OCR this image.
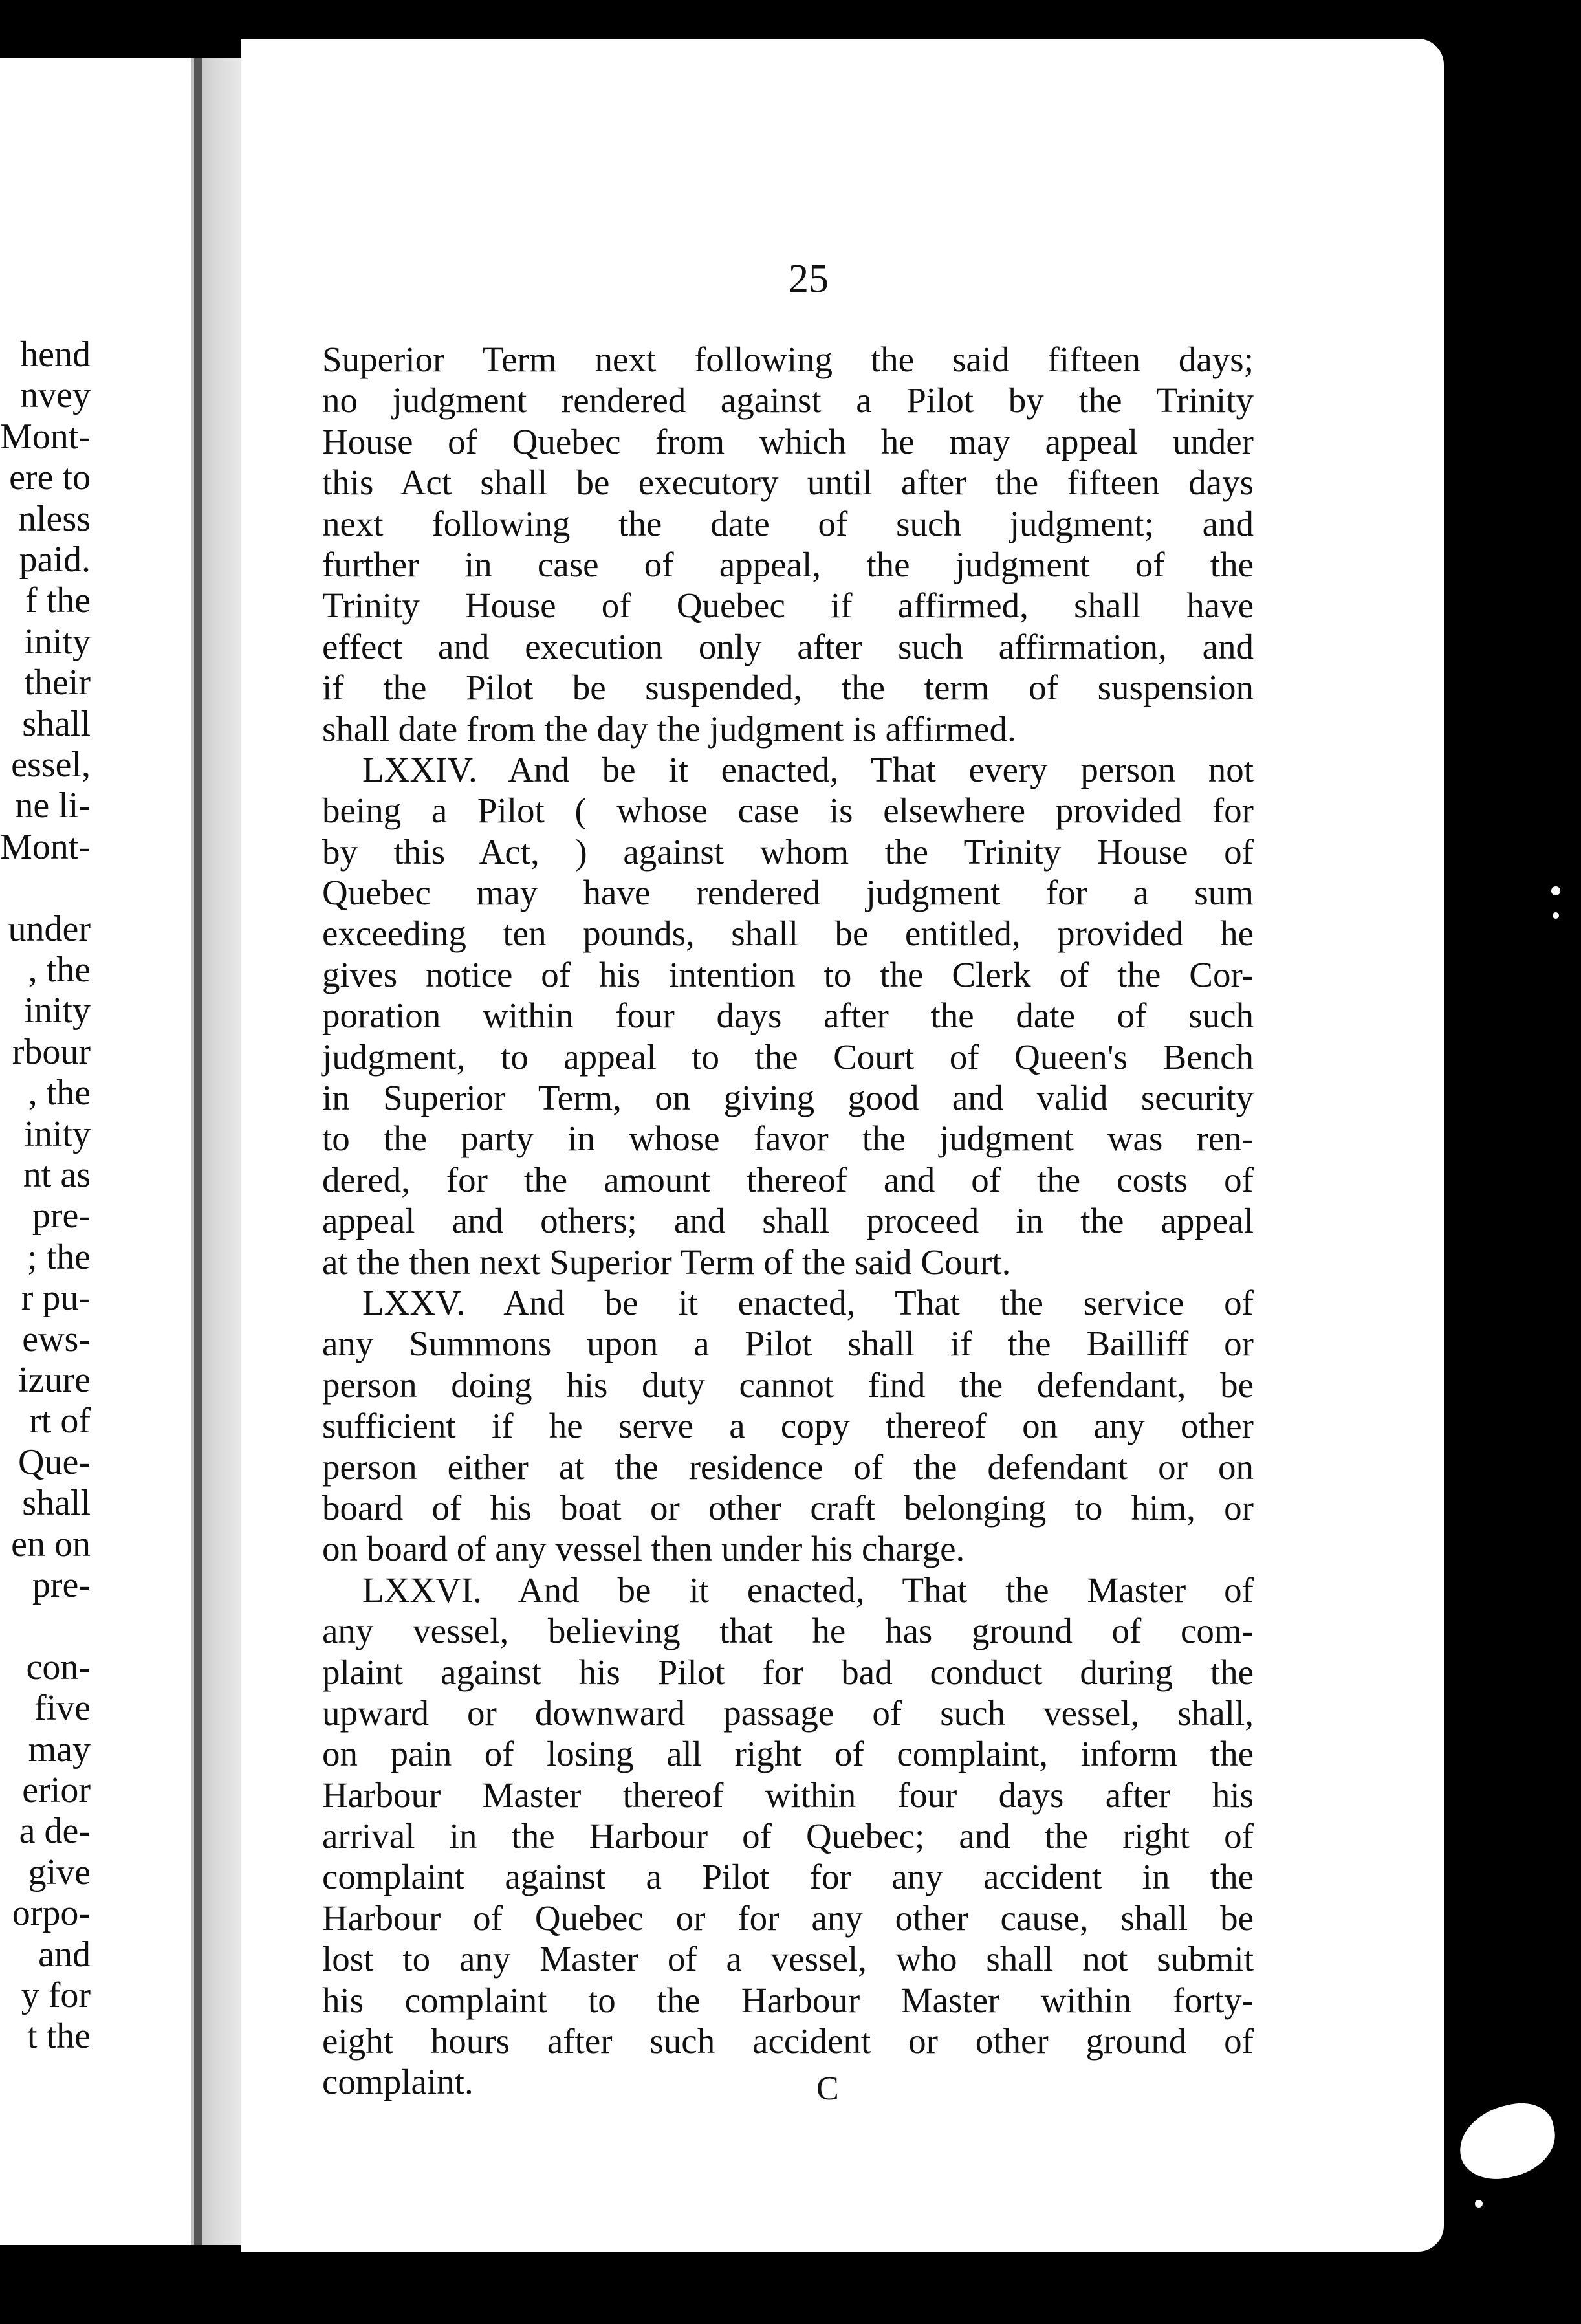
hend
nvey
Mont-
ere to
nless
paid.
f the
inity
their
shall
essel,
ne li-
Mont-
under
, the
inity
rbour
, the
inity
nt as
pre-
; the
r pu-
ews-
izure
rt of
Que-
shall
en on
pre-
con-
five
may
erior
a de-
give
orpo-
and
y for
t the
25
Superior Term next following the said fifteen days;
no judgment rendered against a Pilot by the Trinity
House of Quebec from which he may appeal under
this Act shall be executory until after the fifteen days
next following the date of such judgment; and
further in case of appeal, the judgment of the
Trinity House of Quebec if affirmed, shall have
effect and execution only after such affirmation, and
if the Pilot be suspended, the term of suspension
shall date from the day the judgment is affirmed.
LXXIV. And be it enacted, That every person not
being a Pilot ( whose case is elsewhere provided for
by this Act, ) against whom the Trinity House of
Quebec may have rendered judgment for a sum
exceeding ten pounds, shall be entitled, provided he
gives notice of his intention to the Clerk of the Cor-
poration within four days after the date of such
judgment, to appeal to the Court of Queen's Bench
in Superior Term, on giving good and valid security
to the party in whose favor the judgment was ren-
dered, for the amount thereof and of the costs of
appeal and others; and shall proceed in the appeal
at the then next Superior Term of the said Court.
LXXV. And be it enacted, That the service of
any Summons upon a Pilot shall if the Bailliff or
person doing his duty cannot find the defendant, be
sufficient if he serve a copy thereof on any other
person either at the residence of the defendant or on
board of his boat or other craft belonging to him, or
on board of any vessel then under his charge.
LXXVI. And be it enacted, That the Master of
any vessel, believing that he has ground of com-
plaint against his Pilot for bad conduct during the
upward or downward passage of such vessel, shall,
on pain of losing all right of complaint, inform the
Harbour Master thereof within four days after his
arrival in the Harbour of Quebec; and the right of
complaint against a Pilot for any accident in the
Harbour of Quebec or for any other cause, shall be
lost to any Master of a vessel, who shall not submit
his complaint to the Harbour Master within forty-
eight hours after such accident or other ground of
complaint.	C
